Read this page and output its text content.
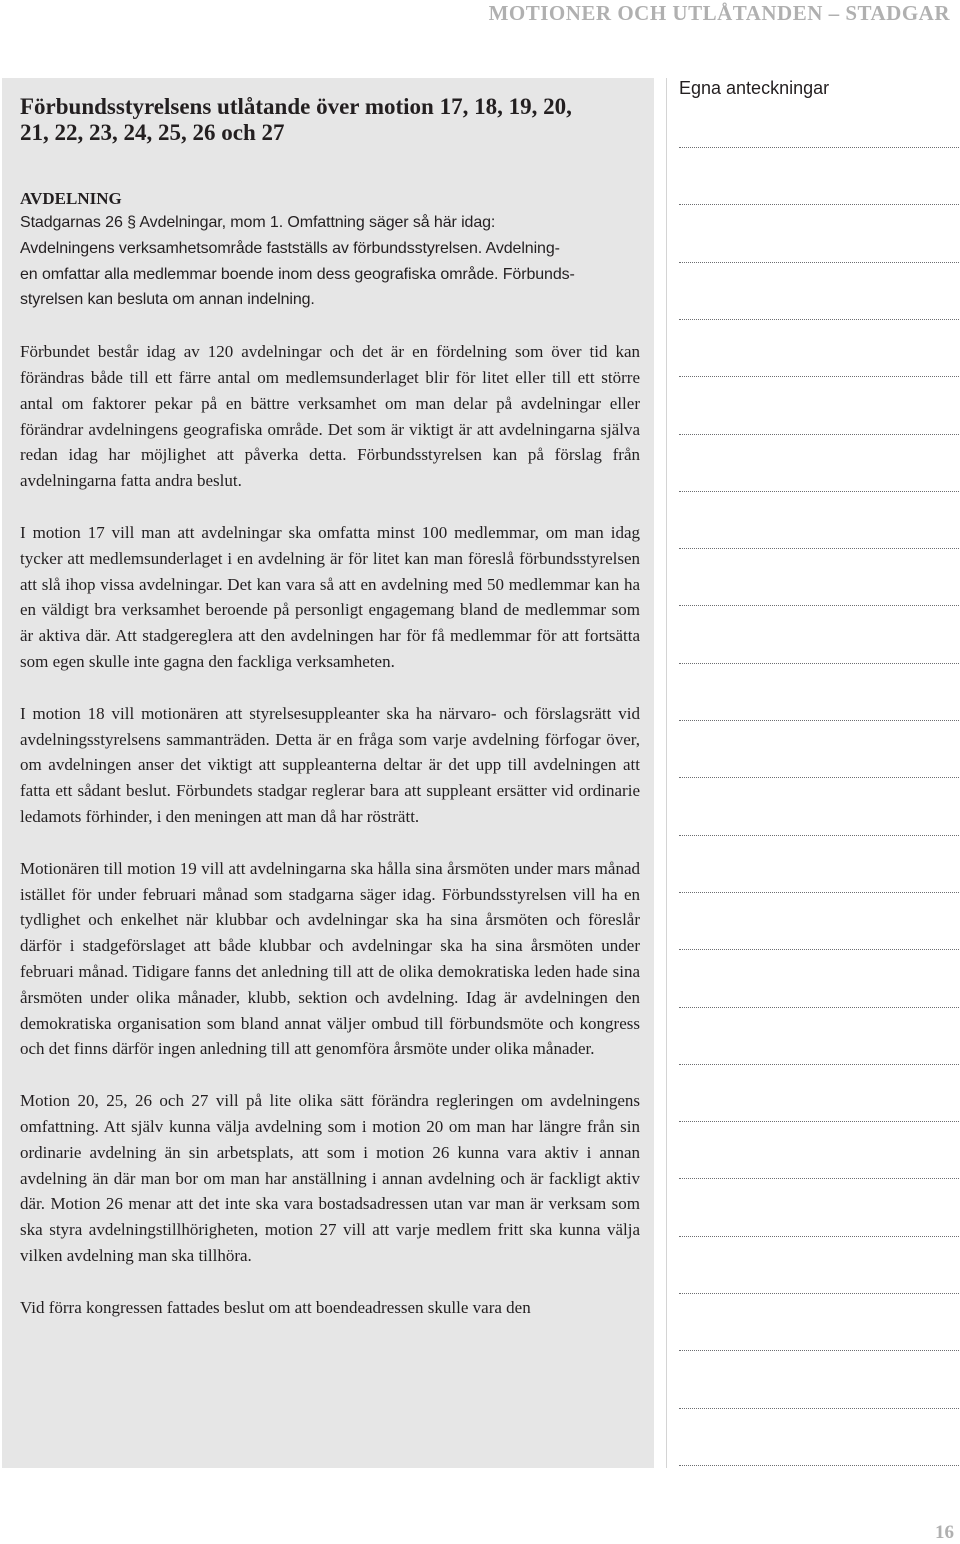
MOTIONER OCH UTLÅTANDEN – STADGAR
Förbundsstyrelsens utlåtande över motion 17, 18, 19, 20,
21, 22, 23, 24, 25, 26 och 27
AVDELNING

Stadgarnas 26 § Avdelningar, mom 1. Omfattning säger så här idag:
Avdelningens verksamhetsområde fastställs av förbundsstyrelsen. Avdelning-
en omfattar alla medlemmar boende inom dess geografiska område. Förbunds-
styrelsen kan besluta om annan indelning.

Förbundet består idag av 120 avdelningar och det är en fördelning som över tid kan förändras både till ett färre antal om medlemsunderlaget blir för litet eller till ett större antal om faktorer pekar på en bättre verksamhet om man delar på avdelningar eller förändrar avdelningens geografiska område. Det som är viktigt är att avdelningarna själva redan idag har möjlighet att påverka detta. Förbundsstyrelsen kan på förslag från avdelningarna fatta andra beslut.

I motion 17 vill man att avdelningar ska omfatta minst 100 medlemmar, om man idag tycker att medlemsunderlaget i en avdelning är för litet kan man föreslå förbundsstyrelsen att slå ihop vissa avdelningar. Det kan vara så att en avdelning med 50 medlemmar kan ha en väldigt bra verksamhet beroende på personligt engagemang bland de medlemmar som är aktiva där. Att stadgereglera att den avdelningen har för få medlemmar för att fortsätta som egen skulle inte gagna den fackliga verksamheten.

I motion 18 vill motionären att styrelsesuppleanter ska ha närvaro- och förslagsrätt vid avdelningsstyrelsens sammanträden. Detta är en fråga som varje avdelning förfogar över, om avdelningen anser det viktigt att suppleanterna deltar är det upp till avdelningen att fatta ett sådant beslut. Förbundets stadgar reglerar bara att suppleant ersätter vid ordinarie ledamots förhinder, i den meningen att man då har rösträtt.

Motionären till motion 19 vill att avdelningarna ska hålla sina årsmöten under mars månad istället för under februari månad som stadgarna säger idag. Förbundsstyrelsen vill ha en tydlighet och enkelhet när klubbar och avdelningar ska ha sina årsmöten och föreslår därför i stadgeförslaget att både klubbar och avdelningar ska ha sina årsmöten under februari månad. Tidigare fanns det anledning till att de olika demokratiska leden hade sina årsmöten under olika månader, klubb, sektion och avdelning. Idag är avdelningen den demokratiska organisation som bland annat väljer ombud till förbundsmöte och kongress och det finns därför ingen anledning till att genomföra årsmöte under olika månader.

Motion 20, 25, 26 och 27 vill på lite olika sätt förändra regleringen om avdelningens omfattning. Att själv kunna välja avdelning som i motion 20 om man har längre från sin ordinarie avdelning än sin arbetsplats, att som i motion 26 kunna vara aktiv i annan avdelning än där man bor om man har anställning i annan avdelning och är fackligt aktiv där. Motion 26 menar att det inte ska vara bostadsadressen utan var man är verksam som ska styra avdelningstillhörigheten, motion 27 vill att varje medlem fritt ska kunna välja vilken avdelning man ska tillhöra.

Vid förra kongressen fattades beslut om att boendeadressen skulle vara den

Egna anteckningar
16
